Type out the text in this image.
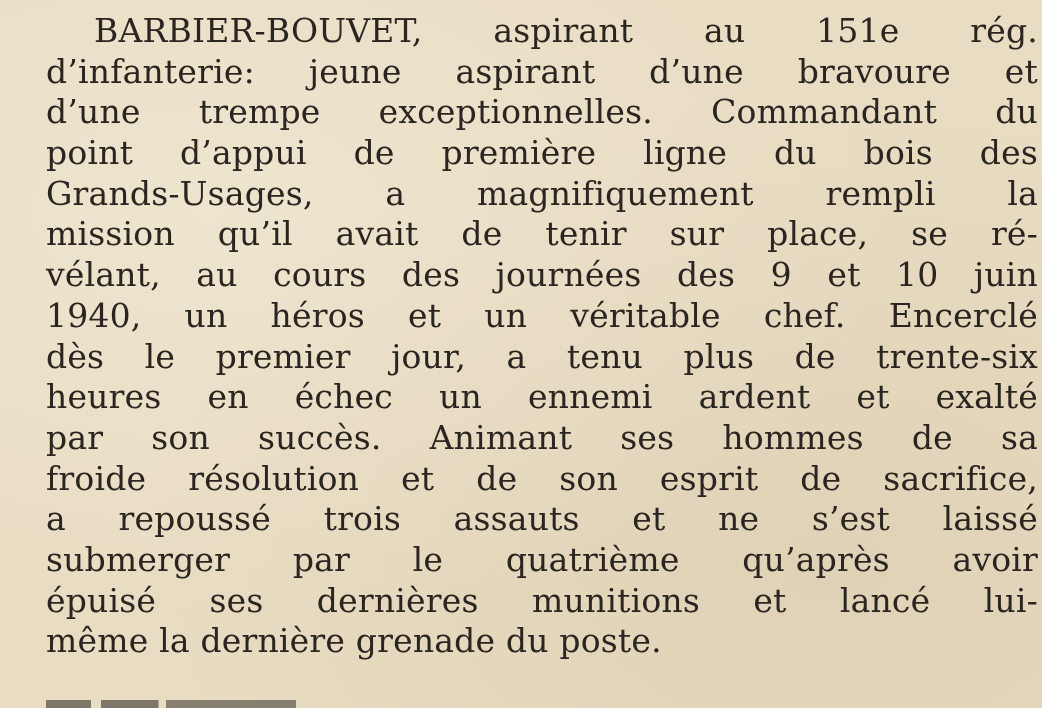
BARBIER-BOUVET, aspirant au 151e rég.
d’infanterie: jeune aspirant d’une bravoure et
d’une trempe exceptionnelles. Commandant du
point d’appui de première ligne du bois des
Grands-Usages, a magnifiquement rempli la
mission qu’il avait de tenir sur place, se ré-
vélant, au cours des journées des 9 et 10 juin
1940, un héros et un véritable chef. Encerclé
dès le premier jour, a tenu plus de trente-six
heures en échec un ennemi ardent et exalté
par son succès. Animant ses hommes de sa
froide résolution et de son esprit de sacrifice,
a repoussé trois assauts et ne s’est laissé
submerger par le quatrième qu’après avoir
épuisé ses dernières munitions et lancé lui-
même la dernière grenade du poste.
